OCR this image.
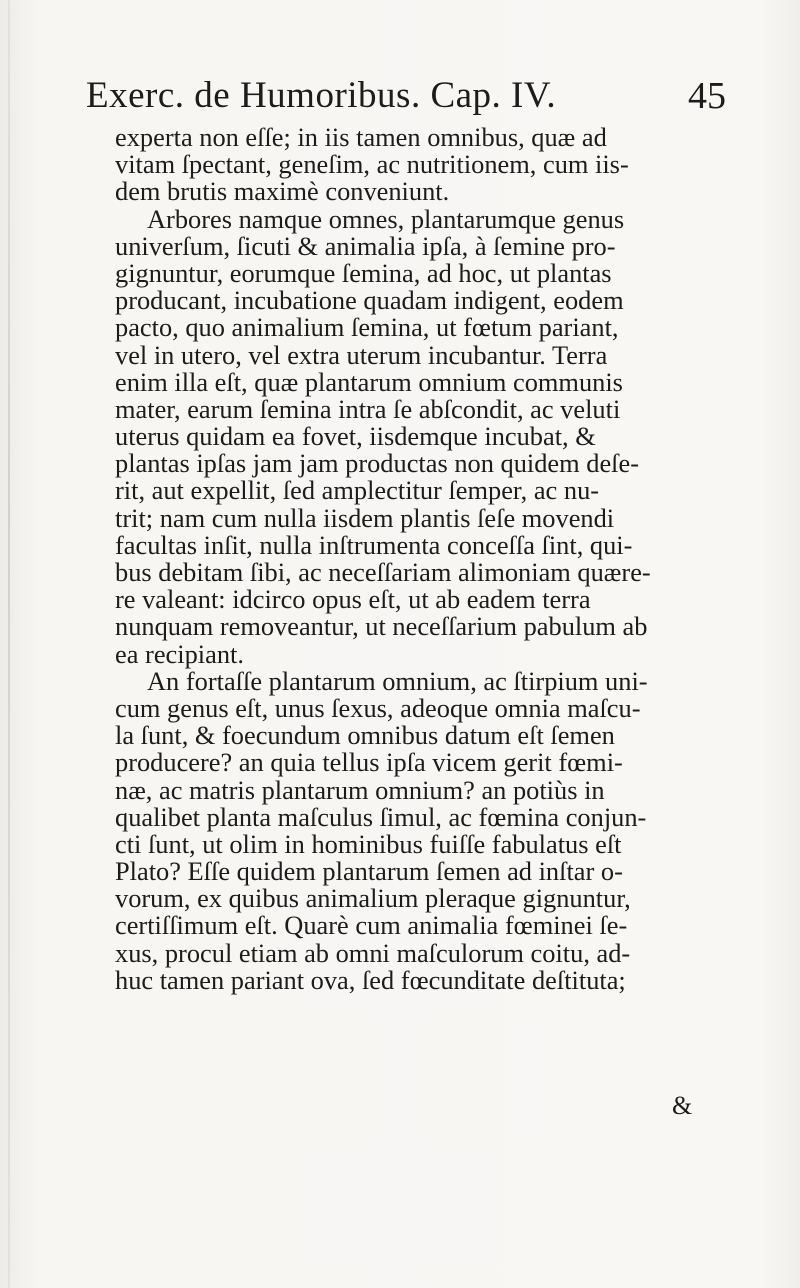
Exerc. de Humoribus. Cap. IV.	45
experta non eſſe; in iis tamen omnibus, quæ ad
vitam ſpectant, geneſim, ac nutritionem, cum iis-
dem brutis maximè conveniunt.
Arbores namque omnes, plantarumque genus
univerſum, ſicuti & animalia ipſa, à ſemine pro-
gignuntur, eorumque ſemina, ad hoc, ut plantas
producant, incubatione quadam indigent, eodem
pacto, quo animalium ſemina, ut fœtum pariant,
vel in utero, vel extra uterum incubantur. Terra
enim illa eſt, quæ plantarum omnium communis
mater, earum ſemina intra ſe abſcondit, ac veluti
uterus quidam ea fovet, iisdemque incubat, &
plantas ipſas jam jam productas non quidem deſe-
rit, aut expellit, ſed amplectitur ſemper, ac nu-
trit; nam cum nulla iisdem plantis ſeſe movendi
facultas inſit, nulla inſtrumenta conceſſa ſint, qui-
bus debitam ſibi, ac neceſſariam alimoniam quære-
re valeant: idcirco opus eſt, ut ab eadem terra
nunquam removeantur, ut neceſſarium pabulum ab
ea recipiant.
An fortaſſe plantarum omnium, ac ſtirpium uni-
cum genus eſt, unus ſexus, adeoque omnia maſcu-
la ſunt, & foecundum omnibus datum eſt ſemen
producere? an quia tellus ipſa vicem gerit fœmi-
næ, ac matris plantarum omnium? an potiùs in
qualibet planta maſculus ſimul, ac fœmina conjun-
cti ſunt, ut olim in hominibus fuiſſe fabulatus eſt
Plato? Eſſe quidem plantarum ſemen ad inſtar o-
vorum, ex quibus animalium pleraque gignuntur,
certiſſimum eſt. Quarè cum animalia fœminei ſe-
xus, procul etiam ab omni maſculorum coitu, ad-
huc tamen pariant ova, ſed fœcunditate deſtituta;
&
